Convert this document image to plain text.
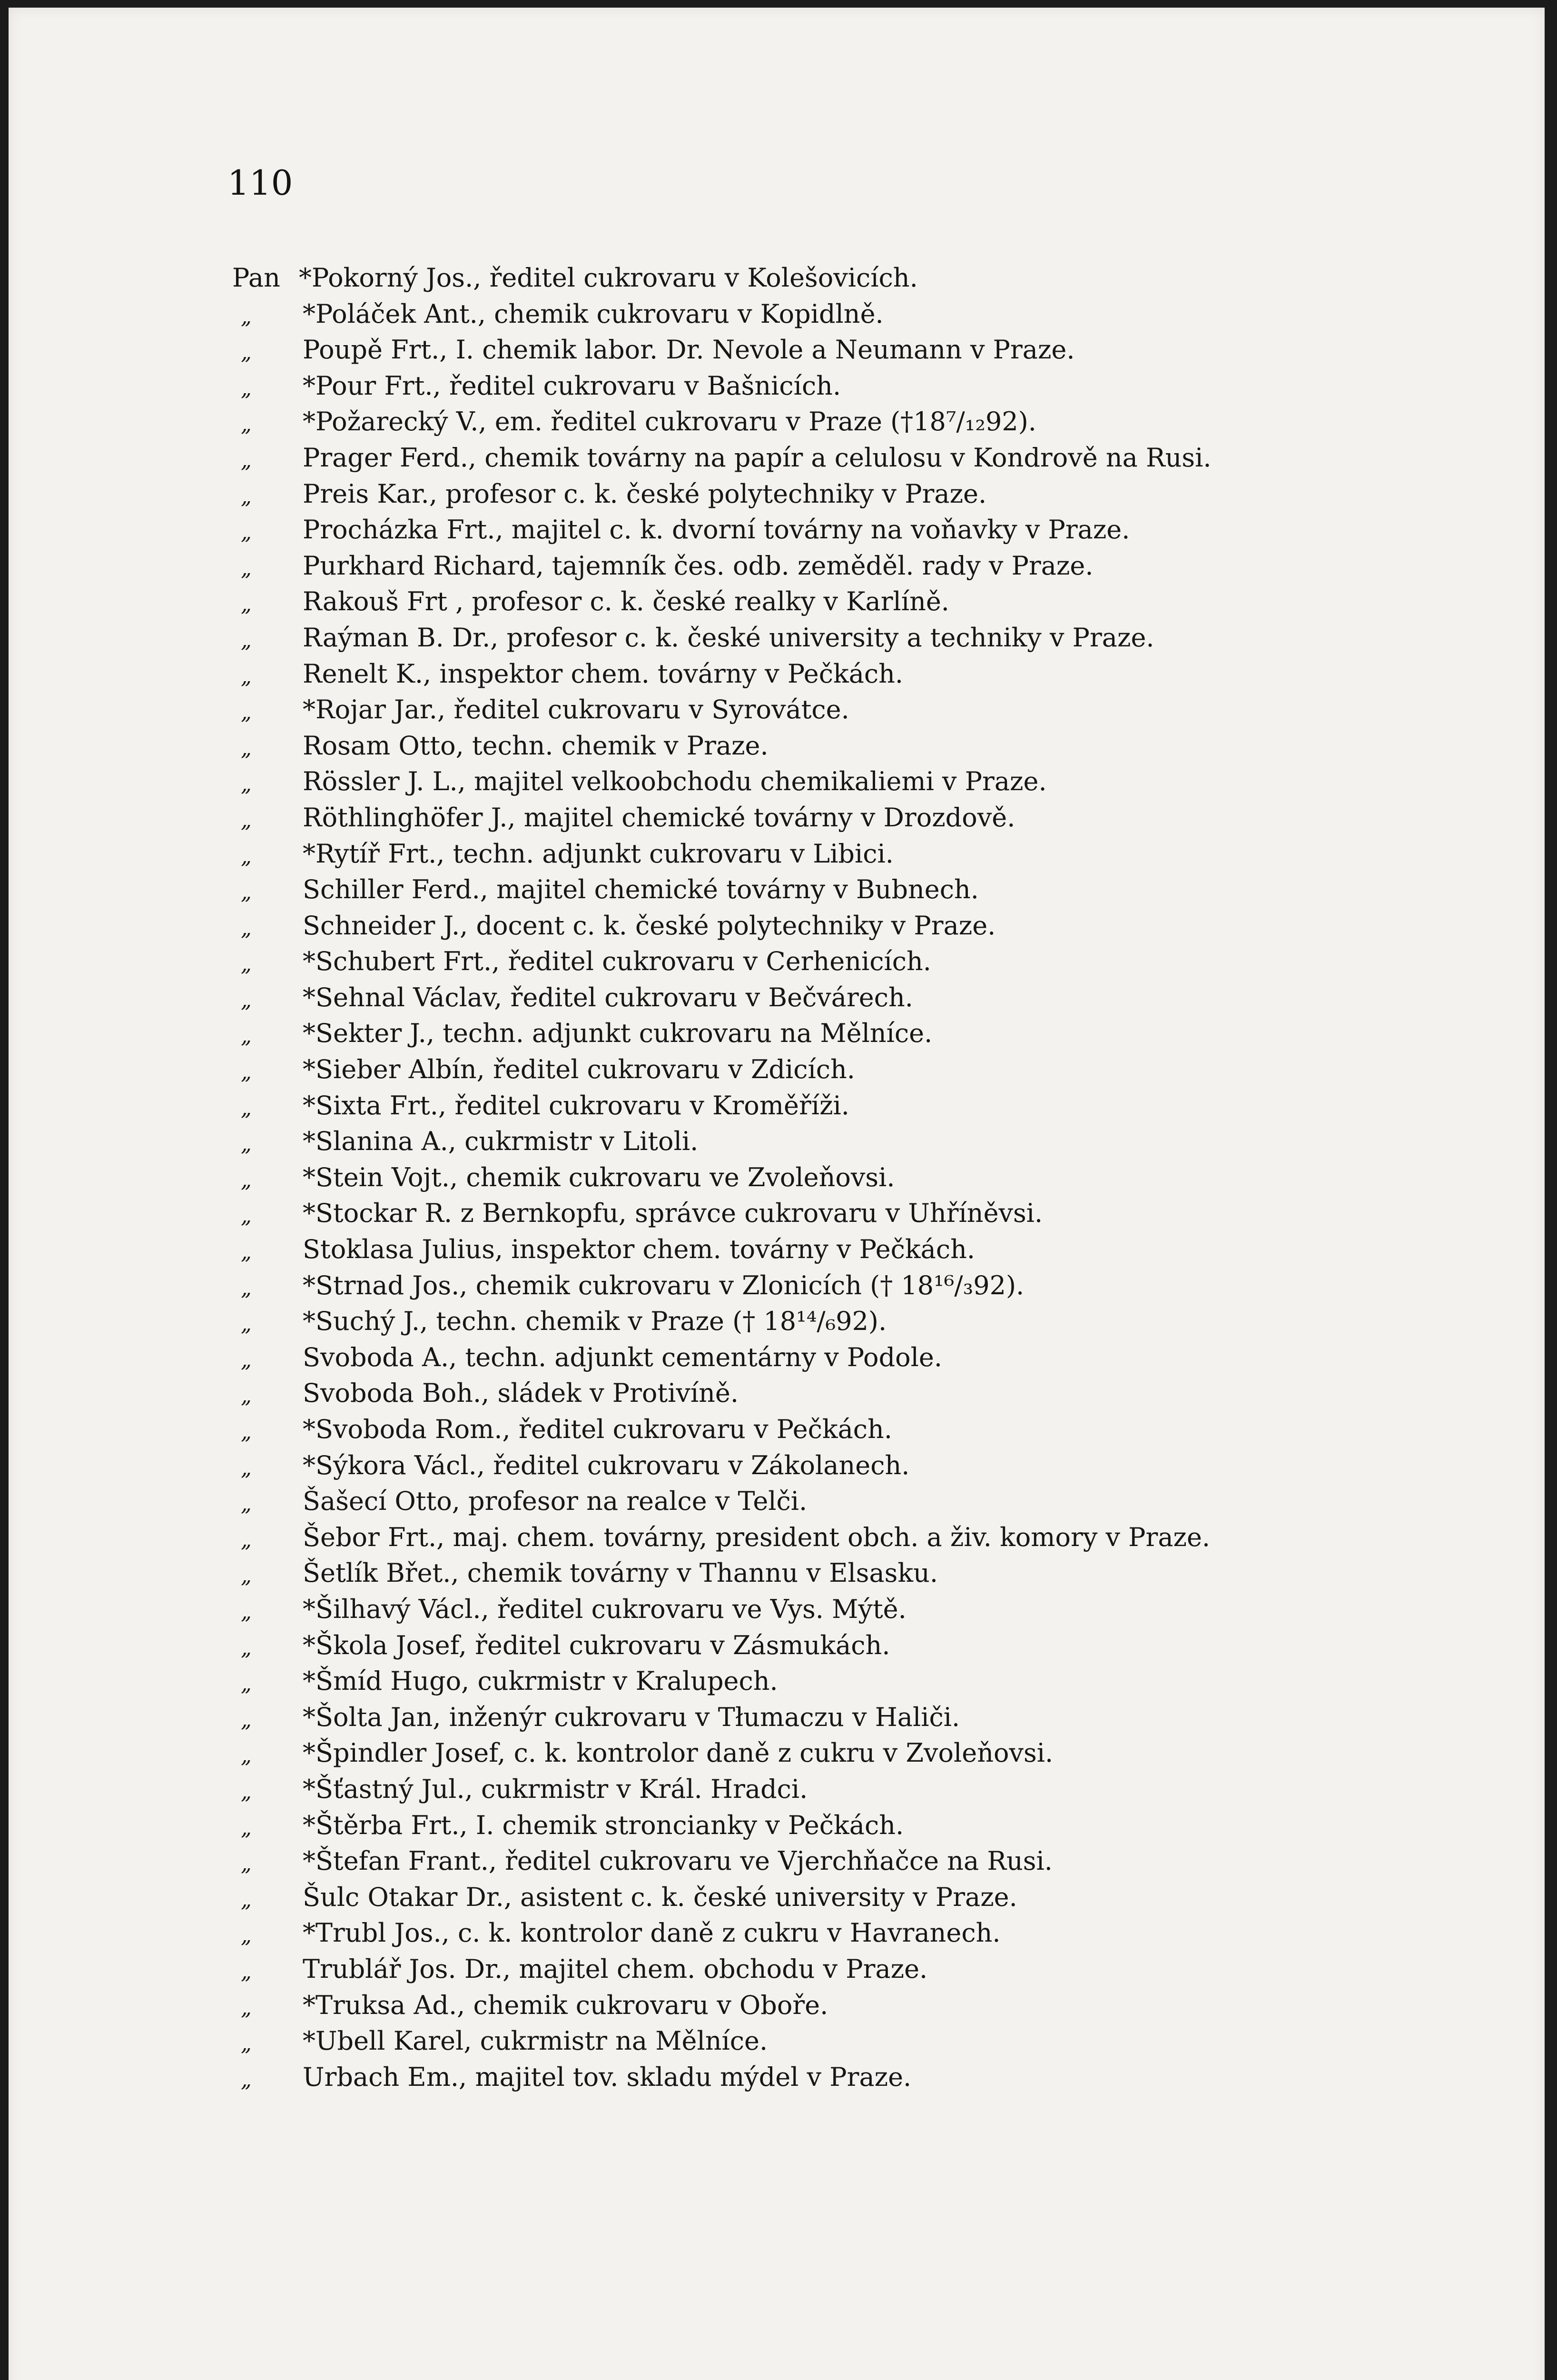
110
Pan *Pokorný Jos., ředitel cukrovaru v Kolešovicích.
„ *Poláček Ant., chemik cukrovaru v Kopidlně.
„ Poupě Frt., I. chemik labor. Dr. Nevole a Neumann v Praze.
„ *Pour Frt., ředitel cukrovaru v Bašnicích.
„ *Požarecký V., em. ředitel cukrovaru v Praze (†18⁷/₁₂92).
„ Prager Ferd., chemik továrny na papír a celulosu v Kondrově na Rusi.
„ Preis Kar., profesor c. k. české polytechniky v Praze.
„ Procházka Frt., majitel c. k. dvorní továrny na voňavky v Praze.
„ Purkhard Richard, tajemník čes. odb. zeměděl. rady v Praze.
„ Rakouš Frt , profesor c. k. české realky v Karlíně.
„ Raýman B. Dr., profesor c. k. české university a techniky v Praze.
„ Renelt K., inspektor chem. továrny v Pečkách.
„ *Rojar Jar., ředitel cukrovaru v Syrovátce.
„ Rosam Otto, techn. chemik v Praze.
„ Rössler J. L., majitel velkoobchodu chemikaliemi v Praze.
„ Röthlinghöfer J., majitel chemické továrny v Drozdově.
„ *Rytíř Frt., techn. adjunkt cukrovaru v Libici.
„ Schiller Ferd., majitel chemické továrny v Bubnech.
„ Schneider J., docent c. k. české polytechniky v Praze.
„ *Schubert Frt., ředitel cukrovaru v Cerhenicích.
„ *Sehnal Václav, ředitel cukrovaru v Bečvárech.
„ *Sekter J., techn. adjunkt cukrovaru na Mělníce.
„ *Sieber Albín, ředitel cukrovaru v Zdicích.
„ *Sixta Frt., ředitel cukrovaru v Kroměříži.
„ *Slanina A., cukrmistr v Litoli.
„ *Stein Vojt., chemik cukrovaru ve Zvoleňovsi.
„ *Stockar R. z Bernkopfu, správce cukrovaru v Uhříněvsi.
„ Stoklasa Julius, inspektor chem. továrny v Pečkách.
„ *Strnad Jos., chemik cukrovaru v Zlonicích († 18¹⁶/₃92).
„ *Suchý J., techn. chemik v Praze († 18¹⁴/₆92).
„ Svoboda A., techn. adjunkt cementárny v Podole.
„ Svoboda Boh., sládek v Protivíně.
„ *Svoboda Rom., ředitel cukrovaru v Pečkách.
„ *Sýkora Václ., ředitel cukrovaru v Zákolanech.
„ Šašecí Otto, profesor na realce v Telči.
„ Šebor Frt., maj. chem. továrny, president obch. a živ. komory v Praze.
„ Šetlík Břet., chemik továrny v Thannu v Elsasku.
„ *Šilhavý Václ., ředitel cukrovaru ve Vys. Mýtě.
„ *Škola Josef, ředitel cukrovaru v Zásmukách.
„ *Šmíd Hugo, cukrmistr v Kralupech.
„ *Šolta Jan, inženýr cukrovaru v Tłumaczu v Haliči.
„ *Špindler Josef, c. k. kontrolor daně z cukru v Zvoleňovsi.
„ *Šťastný Jul., cukrmistr v Král. Hradci.
„ *Štěrba Frt., I. chemik stroncianky v Pečkách.
„ *Štefan Frant., ředitel cukrovaru ve Vjerchňačce na Rusi.
„ Šulc Otakar Dr., asistent c. k. české university v Praze.
„ *Trubl Jos., c. k. kontrolor daně z cukru v Havranech.
„ Trublář Jos. Dr., majitel chem. obchodu v Praze.
„ *Truksa Ad., chemik cukrovaru v Oboře.
„ *Ubell Karel, cukrmistr na Mělníce.
„ Urbach Em., majitel tov. skladu mýdel v Praze.
